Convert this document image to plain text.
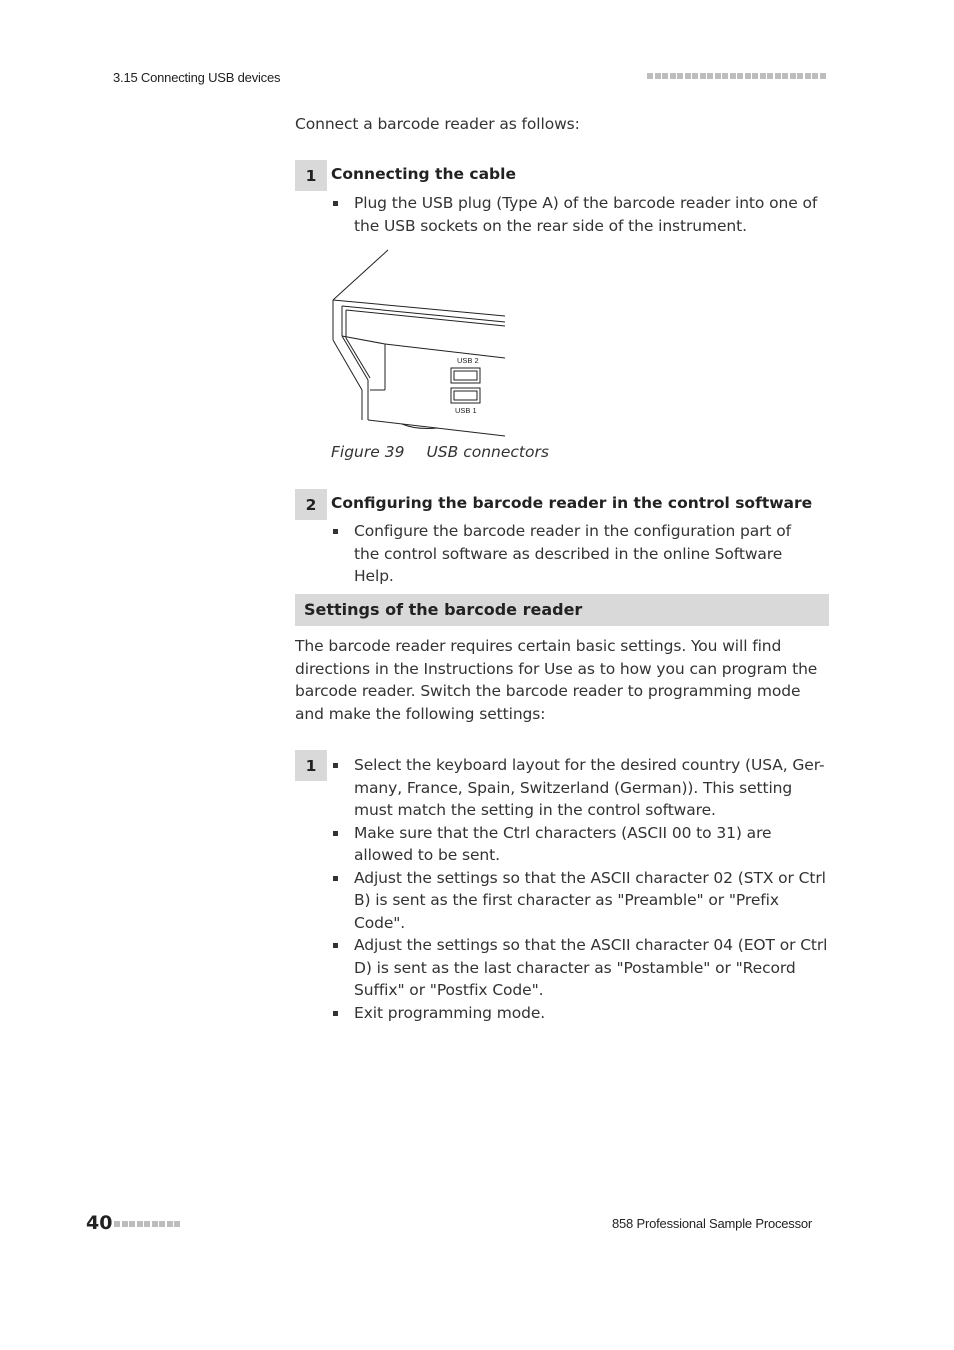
3.15 Connecting USB devices
Connect a barcode reader as follows:
1 Connecting the cable
Plug the USB plug (Type A) of the barcode reader into one of the USB sockets on the rear side of the instrument.
USB 2
USB 1
Figure 39 USB connectors
2 Configuring the barcode reader in the control software
Configure the barcode reader in the configuration part of the control software as described in the online Software Help.
Settings of the barcode reader
The barcode reader requires certain basic settings. You will find directions in the Instructions for Use as to how you can program the barcode reader. Switch the barcode reader to programming mode and make the following settings:
1	Select the keyboard layout for the desired country (USA, Ger-many, France, Spain, Switzerland (German)). This setting must match the setting in the control software.
Make sure that the Ctrl characters (ASCII 00 to 31) are allowed to be sent.
Adjust the settings so that the ASCII character 02 (STX or Ctrl B) is sent as the first character as "Preamble" or "Prefix Code".
Adjust the settings so that the ASCII character 04 (EOT or Ctrl D) is sent as the last character as "Postamble" or "Record Suffix" or "Postfix Code".
Exit programming mode.
40	858 Professional Sample Processor
